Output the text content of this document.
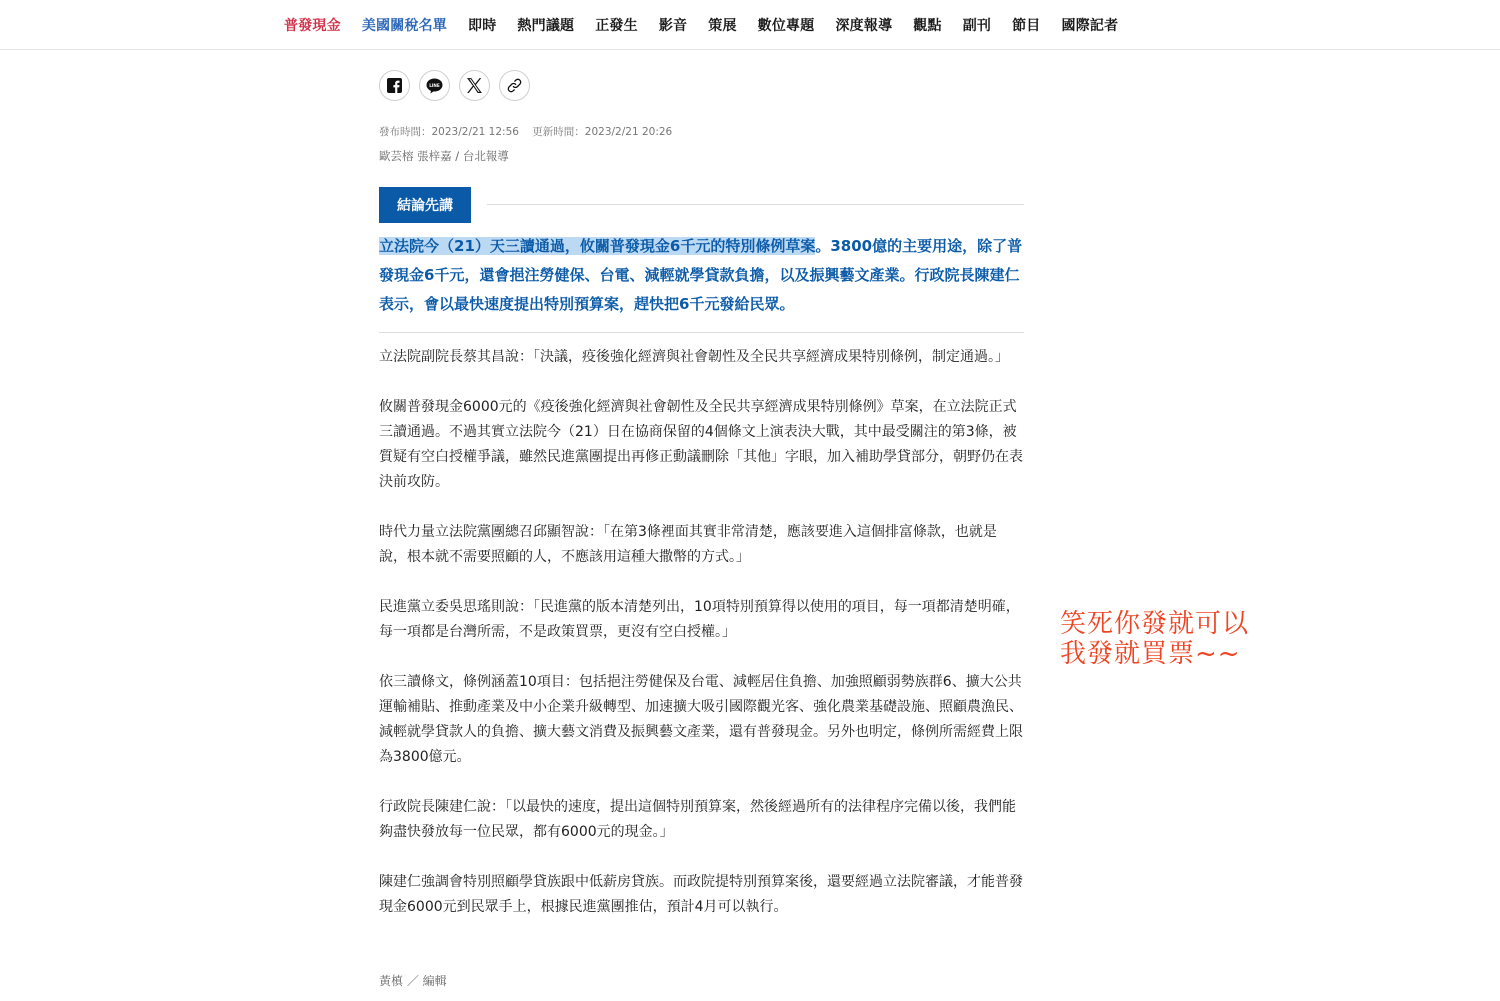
普發現金 美國關稅名單 即時 熱門議題 正發生 影音 策展 數位專題 深度報導 觀點 副刊 節目 國際記者
LINE
發布時間：2023/2/21 12:56 更新時間：2023/2/21 20:26
歐芸榕 張梓嘉 / 台北報導
結論先講
立法院今（21）天三讀通過，攸關普發現金6千元的特別條例草案。3800億的主要用途，除了普發現金6千元，還會挹注勞健保、台電、減輕就學貸款負擔，以及振興藝文產業。行政院長陳建仁表示，會以最快速度提出特別預算案，趕快把6千元發給民眾。

立法院副院長蔡其昌說：「決議，疫後強化經濟與社會韌性及全民共享經濟成果特別條例，制定通過。」

攸關普發現金6000元的《疫後強化經濟與社會韌性及全民共享經濟成果特別條例》草案，在立法院正式三讀通過。不過其實立法院今（21）日在協商保留的4個條文上演表決大戰，其中最受關注的第3條，被質疑有空白授權爭議，雖然民進黨團提出再修正動議刪除「其他」字眼，加入補助學貸部分，朝野仍在表決前攻防。

時代力量立法院黨團總召邱顯智說：「在第3條裡面其實非常清楚，應該要進入這個排富條款，也就是說，根本就不需要照顧的人，不應該用這種大撒幣的方式。」

民進黨立委吳思瑤則說：「民進黨的版本清楚列出，10項特別預算得以使用的項目，每一項都清楚明確，每一項都是台灣所需，不是政策買票，更沒有空白授權。」

依三讀條文，條例涵蓋10項目：包括挹注勞健保及台電、減輕居住負擔、加強照顧弱勢族群6、擴大公共運輸補貼、推動產業及中小企業升級轉型、加速擴大吸引國際觀光客、強化農業基礎設施、照顧農漁民、減輕就學貸款人的負擔、擴大藝文消費及振興藝文產業，還有普發現金。另外也明定，條例所需經費上限為3800億元。

行政院長陳建仁說：「以最快的速度，提出這個特別預算案，然後經過所有的法律程序完備以後，我們能夠盡快發放每一位民眾，都有6000元的現金。」

陳建仁強調會特別照顧學貸族跟中低薪房貸族。而政院提特別預算案後，還要經過立法院審議，才能普發現金6000元到民眾手上，根據民進黨團推估，預計4月可以執行。

黃槙 ／ 編輯
笑死你發就可以
我發就買票~~
